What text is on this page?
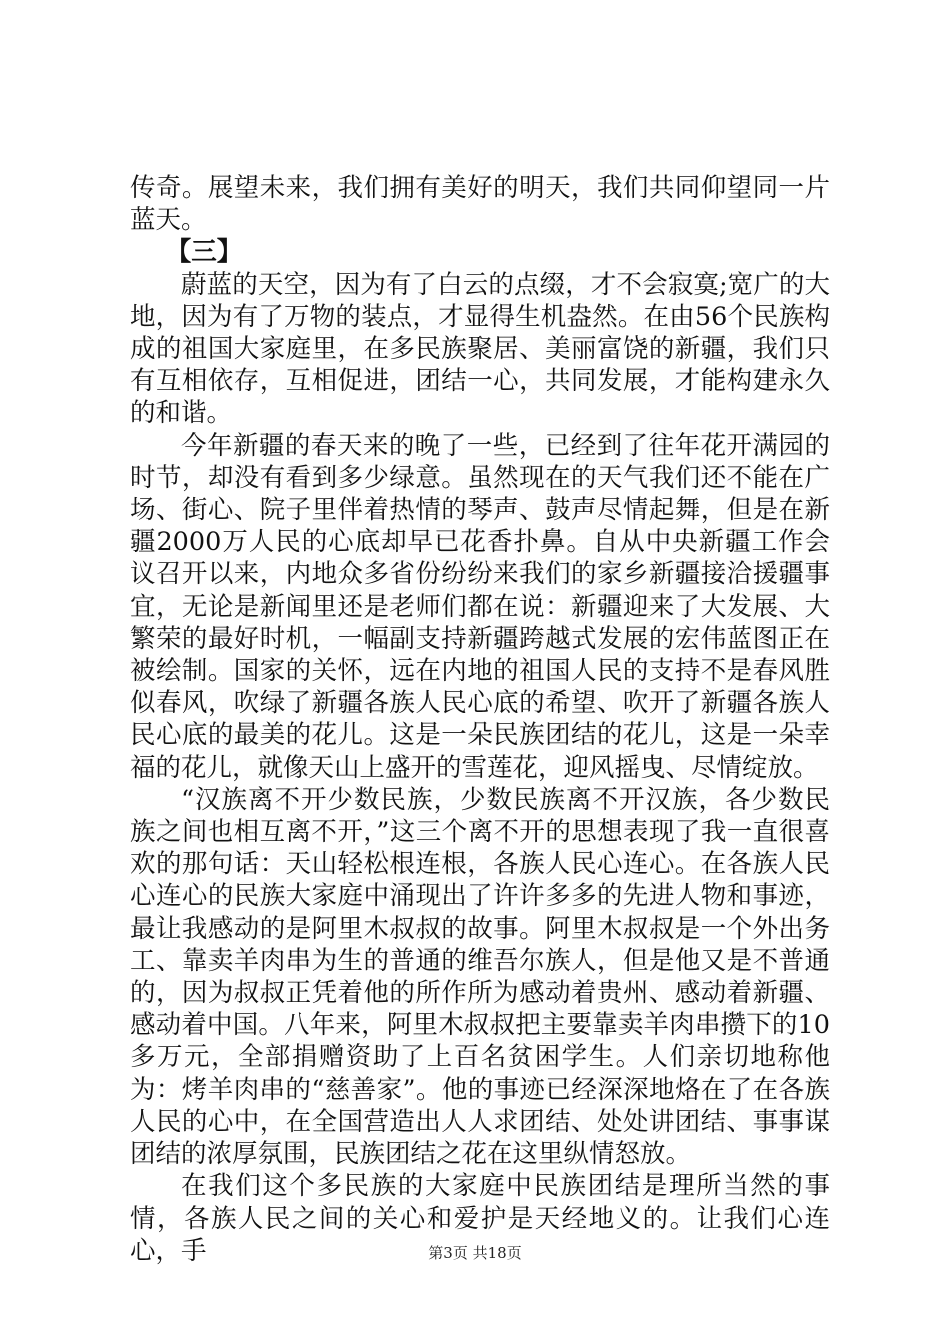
传奇。展望未来，我们拥有美好的明天，我们共同仰望同一片蓝天。

【三】

蔚蓝的天空，因为有了白云的点缀，才不会寂寞;宽广的大地，因为有了万物的装点，才显得生机盎然。在由56个民族构成的祖国大家庭里，在多民族聚居、美丽富饶的新疆，我们只有互相依存，互相促进，团结一心，共同发展，才能构建永久的和谐。

今年新疆的春天来的晚了一些，已经到了往年花开满园的时节，却没有看到多少绿意。虽然现在的天气我们还不能在广场、街心、院子里伴着热情的琴声、鼓声尽情起舞，但是在新疆2000万人民的心底却早已花香扑鼻。自从中央新疆工作会议召开以来，内地众多省份纷纷来我们的家乡新疆接洽援疆事宜，无论是新闻里还是老师们都在说：新疆迎来了大发展、大繁荣的最好时机，一幅副支持新疆跨越式发展的宏伟蓝图正在被绘制。国家的关怀，远在内地的祖国人民的支持不是春风胜似春风，吹绿了新疆各族人民心底的希望、吹开了新疆各族人民心底的最美的花儿。这是一朵民族团结的花儿，这是一朵幸福的花儿，就像天山上盛开的雪莲花，迎风摇曳、尽情绽放。

“汉族离不开少数民族，少数民族离不开汉族，各少数民族之间也相互离不开，”这三个离不开的思想表现了我一直很喜欢的那句话：天山轻松根连根，各族人民心连心。在各族人民心连心的民族大家庭中涌现出了许许多多的先进人物和事迹，最让我感动的是阿里木叔叔的故事。阿里木叔叔是一个外出务工、靠卖羊肉串为生的普通的维吾尔族人，但是他又是不普通的，因为叔叔正凭着他的所作所为感动着贵州、感动着新疆、感动着中国。八年来，阿里木叔叔把主要靠卖羊肉串攒下的10多万元，全部捐赠资助了上百名贫困学生。人们亲切地称他为：烤羊肉串的“慈善家”。他的事迹已经深深地烙在了在各族人民的心中，在全国营造出人人求团结、处处讲团结、事事谋团结的浓厚氛围，民族团结之花在这里纵情怒放。

在我们这个多民族的大家庭中民族团结是理所当然的事情，各族人民之间的关心和爱护是天经地义的。让我们心连心，手	第3页 共18页
